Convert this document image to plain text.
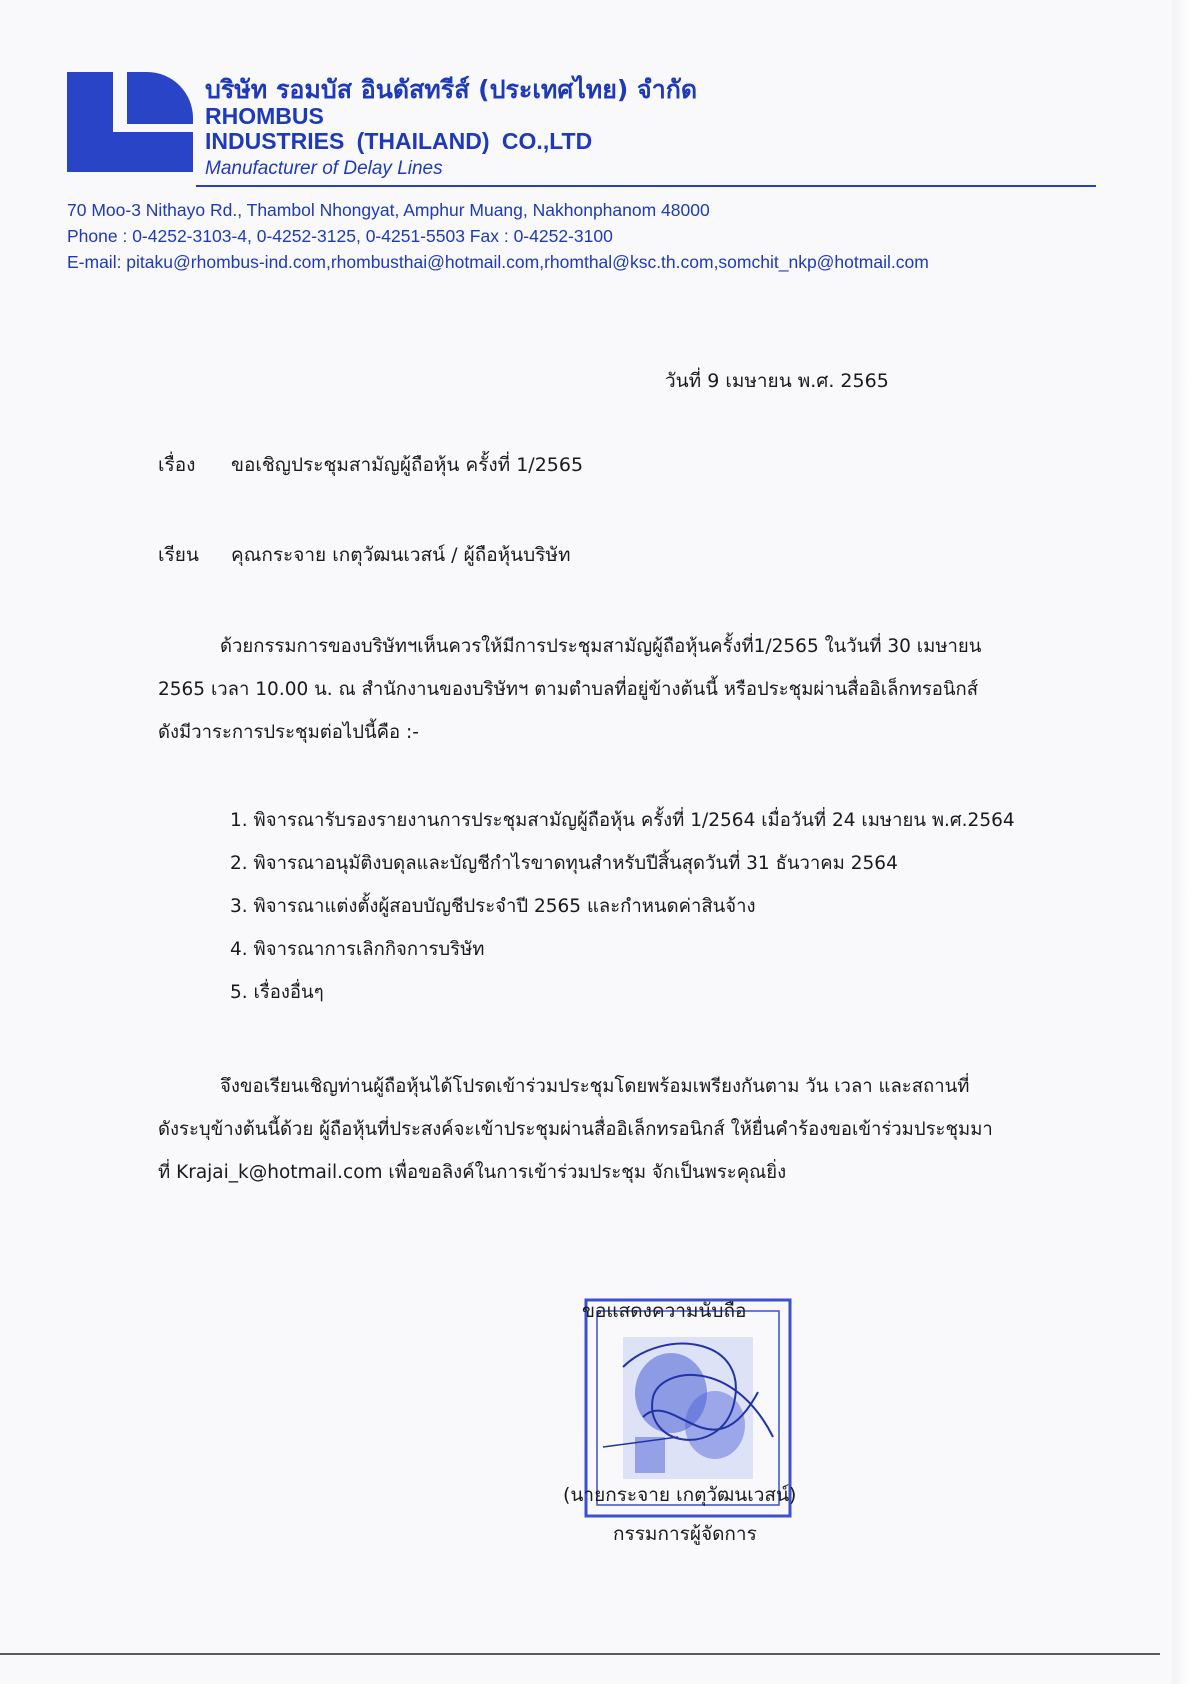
บริษัท รอมบัส อินดัสทรีส์ (ประเทศไทย) จำกัด
RHOMBUS
INDUSTRIES (THAILAND) CO.,LTD
Manufacturer of Delay Lines
70 Moo-3 Nithayo Rd., Thambol Nhongyat, Amphur Muang, Nakhonphanom 48000
Phone : 0-4252-3103-4, 0-4252-3125, 0-4251-5503 Fax : 0-4252-3100
E-mail: pitaku@rhombus-ind.com,rhombusthai@hotmail.com,rhomthal@ksc.th.com,somchit_nkp@hotmail.com
วันที่ 9 เมษายน พ.ศ. 2565
เรื่อง ขอเชิญประชุมสามัญผู้ถือหุ้น ครั้งที่ 1/2565
เรียน คุณกระจาย เกตุวัฒนเวสน์ / ผู้ถือหุ้นบริษัท

ด้วยกรรมการของบริษัทฯเห็นควรให้มีการประชุมสามัญผู้ถือหุ้นครั้งที่1/2565 ในวันที่ 30 เมษายน

2565 เวลา 10.00 น. ณ สำนักงานของบริษัทฯ ตามตำบลที่อยู่ข้างต้นนี้ หรือประชุมผ่านสื่ออิเล็กทรอนิกส์

ดังมีวาระการประชุมต่อไปนี้คือ :-

1. พิจารณารับรองรายงานการประชุมสามัญผู้ถือหุ้น ครั้งที่ 1/2564 เมื่อวันที่ 24 เมษายน พ.ศ.2564
2. พิจารณาอนุมัติงบดุลและบัญชีกำไรขาดทุนสำหรับปีสิ้นสุดวันที่ 31 ธันวาคม 2564
3. พิจารณาแต่งตั้งผู้สอบบัญชีประจำปี 2565 และกำหนดค่าสินจ้าง
4. พิจารณาการเลิกกิจการบริษัท
5. เรื่องอื่นๆ

จึงขอเรียนเชิญท่านผู้ถือหุ้นได้โปรดเข้าร่วมประชุมโดยพร้อมเพรียงกันตาม วัน เวลา และสถานที่

ดังระบุข้างต้นนี้ด้วย ผู้ถือหุ้นที่ประสงค์จะเข้าประชุมผ่านสื่ออิเล็กทรอนิกส์ ให้ยื่นคำร้องขอเข้าร่วมประชุมมา

ที่ Krajai_k@hotmail.com เพื่อขอลิงค์ในการเข้าร่วมประชุม จักเป็นพระคุณยิ่ง

ขอแสดงความนับถือ
(นายกระจาย เกตุวัฒนเวสน์)
กรรมการผู้จัดการ
